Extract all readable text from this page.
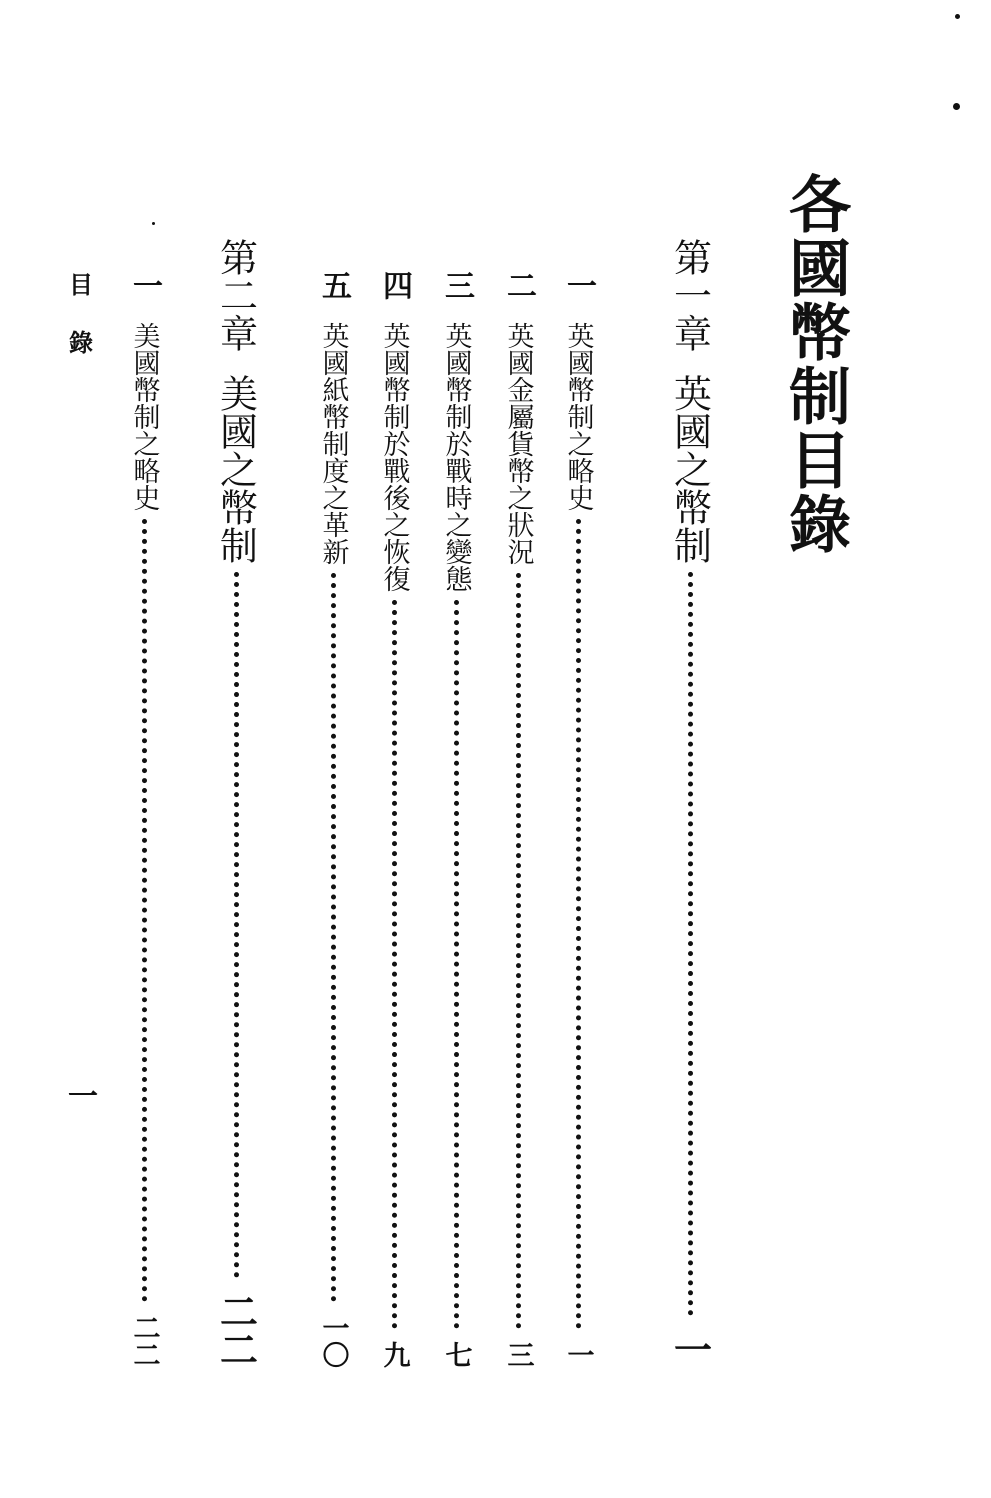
各國幣制目錄
第一章
英國之幣制
一
一
英國幣制之略史
一
二
英國金屬貨幣之狀況
三
三
英國幣制於戰時之變態
七
四
英國幣制於戰後之恢復
九
五
英國紙幣制度之革新
一〇
第二章
美國之幣制
二二
一
美國幣制之略史
二二
目
錄
一
